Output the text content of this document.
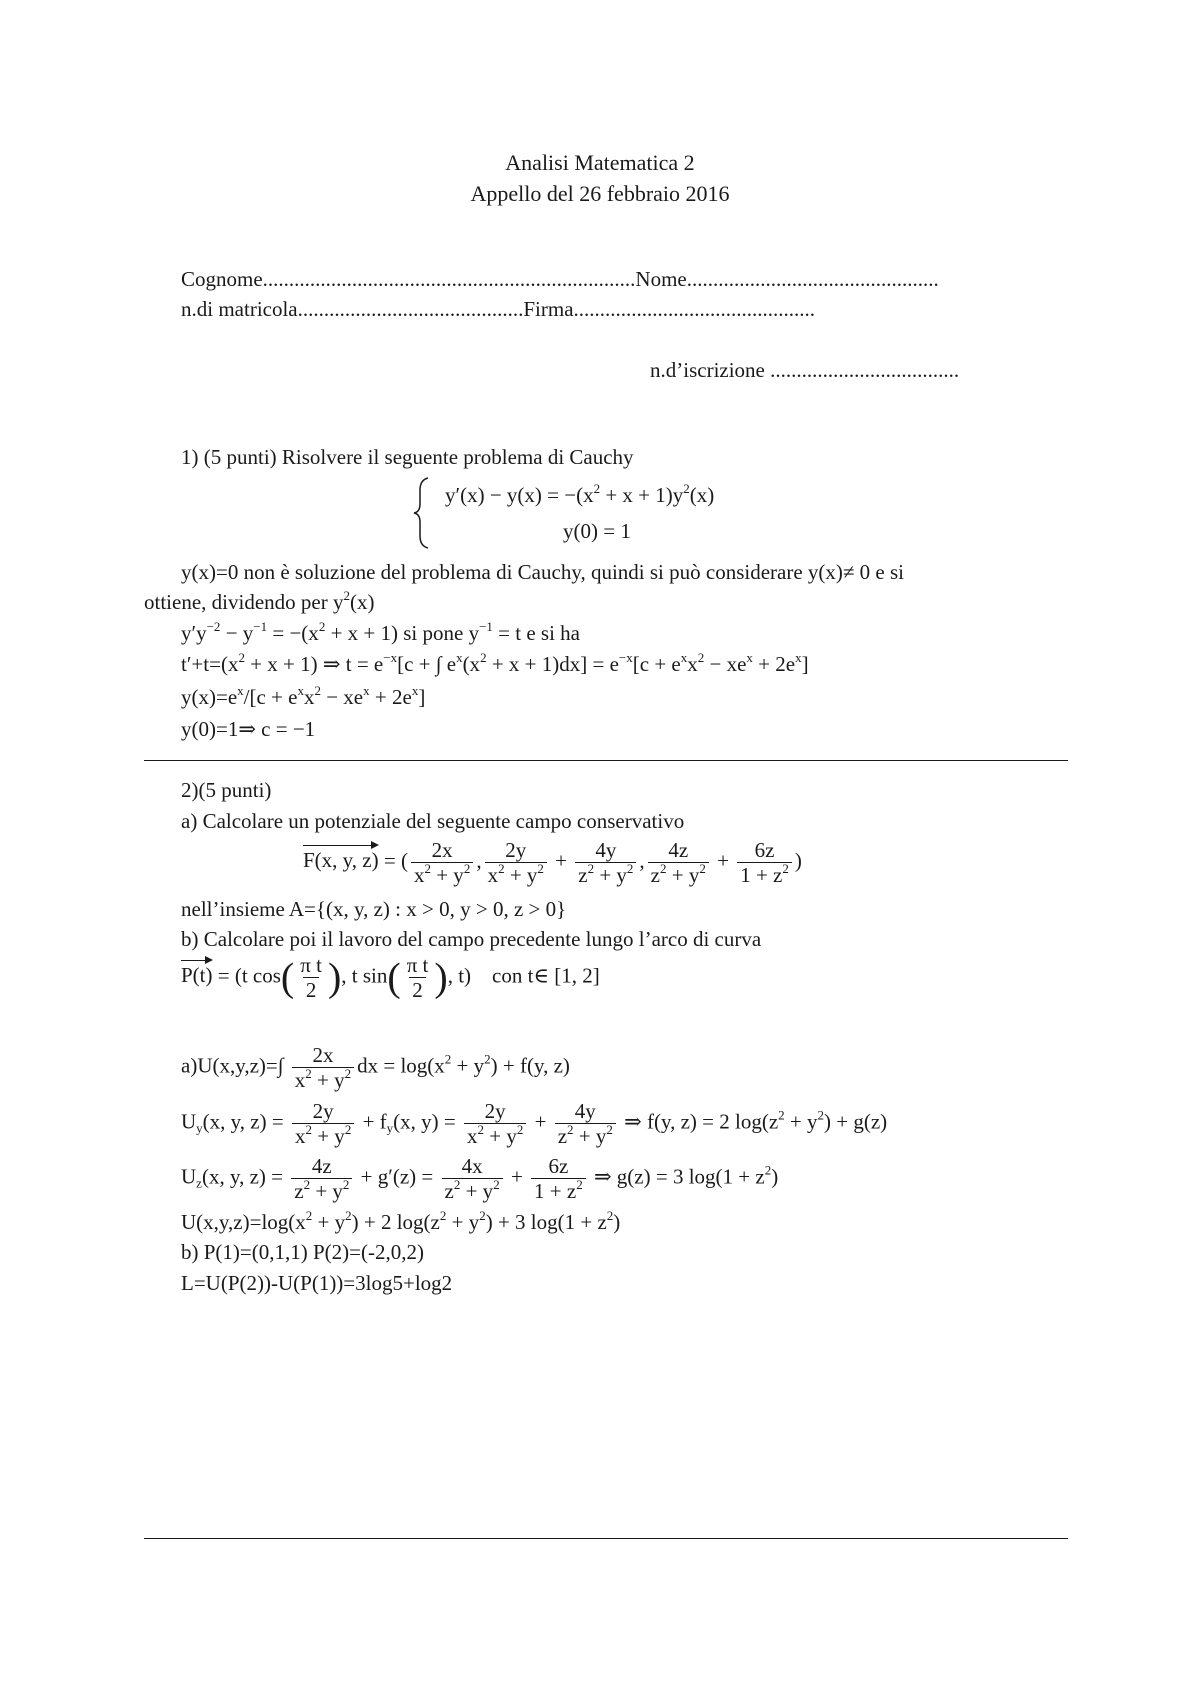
Analisi Matematica 2
Appello del 26 febbraio 2016
Cognome.......................................................................Nome................................................
n.di matricola...........................................Firma..............................................
n.d’iscrizione ....................................
1) (5 punti) Risolvere il seguente problema di Cauchy
$y'(x) - y(x) = -(x^2 + x + 1)y^2(x)$
y(0) = 1
y(x)=0 non è soluzione del problema di Cauchy, quindi si può considerare y(x)≠ 0 e si
ottiene, dividendo per $y^2(x)$
$y'y^{-2} - y^{-1} = -(x^2 + x + 1)$ si pone $y^{-1} = t$ e si ha
$t'+t=(x^2 + x + 1)$ ⇒ $t = e^{-x}[c$ + ∫ $e^x(x^2 + x + 1)dx] = e^{-x}[c + e^xx^2 - xe^x + 2e^x]$
$y(x)=e^x/[c + e^xx^2 - xe^x + 2e^x]$
y(0)=1⇒ c = −1
2)(5 punti)
a) Calcolare un potenziale del seguente campo conservativo
F(x, y, z) = ( $\frac{2x}{x^2 + y^2}$ , $\frac{2y}{x^2 + y^2} + \frac{4y}{z^2 + y^2}$ , $\frac{4z}{z^2 + y^2} + \frac{6z}{1 + z^2}$ )
nell’insieme A={(x, y, z) : x > 0, y > 0, z > 0}
b) Calcolare poi il lavoro del campo precedente lungo l’arco di curva
P(t) = (t $\cos( \frac{\text{π t}}{2}$ ), t $\sin( \frac{\text{π t}}{2}$ ), t)    con t∈ [1, 2]
$a)U(x,y,z)=\int \frac{2x}{x^2 + y^2}$ dx = $\log(x^2 + y^2) + f(y$, z)
$U_y(x$, y, $z) = \frac{2y}{x^2 + y^2} + f_y(x$, $y) = \frac{2y}{x^2 + y^2} + \frac{4y}{z^2 + y^2}$ ⇒ f(y, z) = 2 $\log(z^2 + y^2) + g(z)$
$U_z(x$, y, $z) = \frac{4z}{z^2 + y^2} + g'(z) = \frac{4x}{z^2 + y^2} + \frac{6z}{1 + z^2}$ ⇒ g(z) = 3 $\log(1 + z^2)$
$U(x,y,z)=\log(x^2 + y^2) + 2$ $\log(z^2 + y^2) + 3$ $\log(1 + z^2)$
b) P(1)=(0,1,1) P(2)=(-2,0,2)
L=U(P(2))-U(P(1))=3log5+log2
